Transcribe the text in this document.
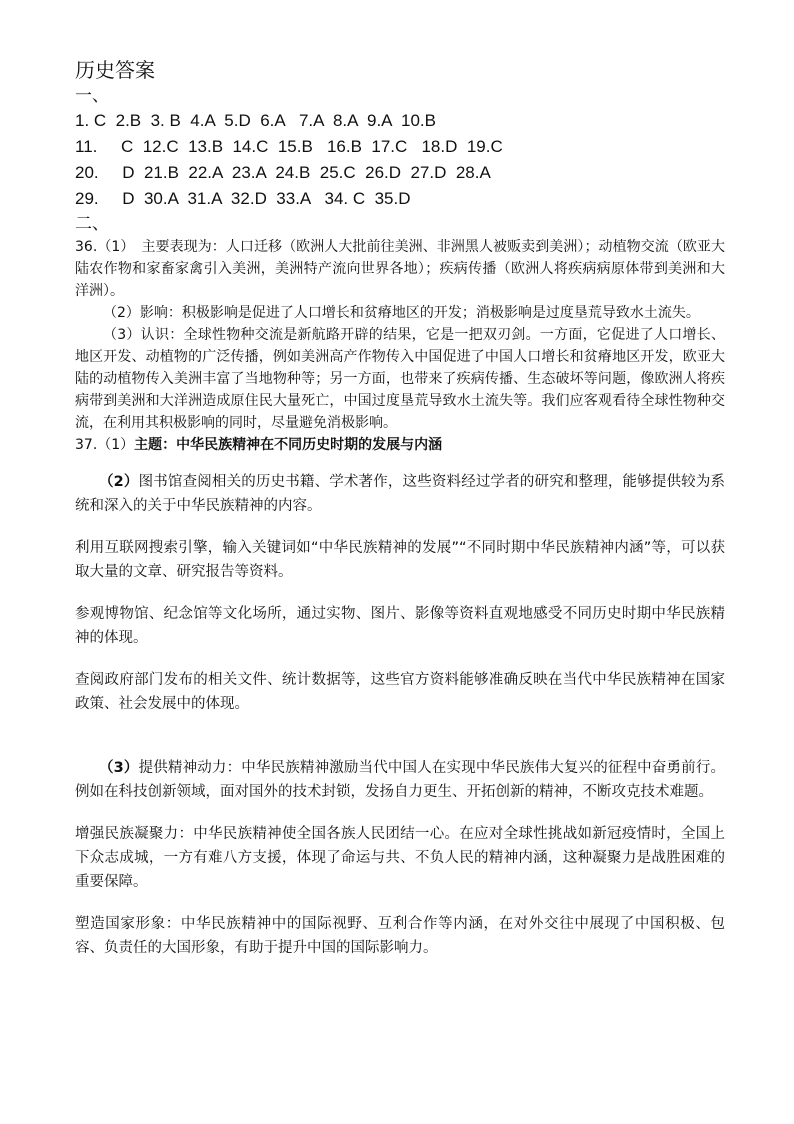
历史答案

一、

1. C  2.B  3. B  4.A  5.D  6.A   7.A  8.A  9.A  10.B

11.     C  12.C  13.B  14.C  15.B   16.B  17.C   18.D  19.C

20.     D  21.B  22.A  23.A  24.B  25.C  26.D  27.D  28.A

29.     D  30.A  31.A  32.D  33.A   34. C  35.D

二、

36.（1）　主要表现为：人口迁移（欧洲人大批前往美洲、非洲黑人被贩卖到美洲）；动植物交流（欧亚大陆农作物和家畜家禽引入美洲，美洲特产流向世界各地）；疾病传播（欧洲人将疾病病原体带到美洲和大洋洲）。

（2）影响：积极影响是促进了人口增长和贫瘠地区的开发；消极影响是过度垦荒导致水土流失。

（3）认识：全球性物种交流是新航路开辟的结果，它是一把双刃剑。一方面，它促进了人口增长、地区开发、动植物的广泛传播，例如美洲高产作物传入中国促进了中国人口增长和贫瘠地区开发，欧亚大陆的动植物传入美洲丰富了当地物种等；另一方面，也带来了疾病传播、生态破坏等问题，像欧洲人将疾病带到美洲和大洋洲造成原住民大量死亡，中国过度垦荒导致水土流失等。我们应客观看待全球性物种交流，在利用其积极影响的同时，尽量避免消极影响。

37.（1）主题：中华民族精神在不同历史时期的发展与内涵

（2）图书馆查阅相关的历史书籍、学术著作，这些资料经过学者的研究和整理，能够提供较为系统和深入的关于中华民族精神的内容。

利用互联网搜索引擎，输入关键词如“中华民族精神的发展”“不同时期中华民族精神内涵”等，可以获取大量的文章、研究报告等资料。

参观博物馆、纪念馆等文化场所，通过实物、图片、影像等资料直观地感受不同历史时期中华民族精神的体现。

查阅政府部门发布的相关文件、统计数据等，这些官方资料能够准确反映在当代中华民族精神在国家政策、社会发展中的体现。

（3）提供精神动力：中华民族精神激励当代中国人在实现中华民族伟大复兴的征程中奋勇前行。例如在科技创新领域，面对国外的技术封锁，发扬自力更生、开拓创新的精神，不断攻克技术难题。

增强民族凝聚力：中华民族精神使全国各族人民团结一心。在应对全球性挑战如新冠疫情时，全国上下众志成城，一方有难八方支援，体现了命运与共、不负人民的精神内涵，这种凝聚力是战胜困难的重要保障。

塑造国家形象：中华民族精神中的国际视野、互利合作等内涵，在对外交往中展现了中国积极、包容、负责任的大国形象，有助于提升中国的国际影响力。
